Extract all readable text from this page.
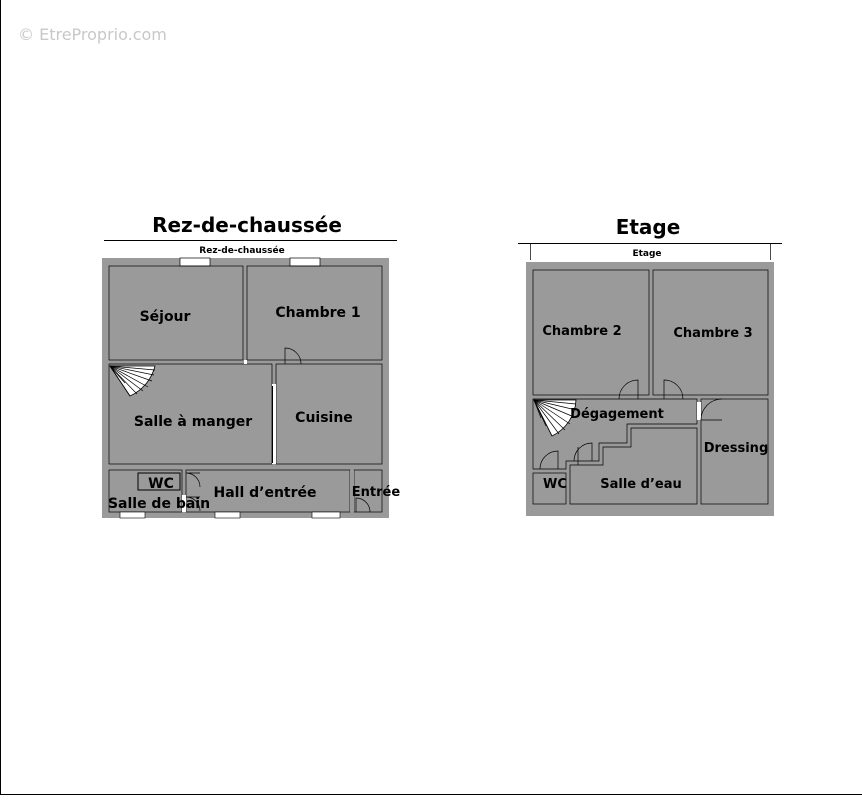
© EtreProprio.com
Rez-de-chaussée
Rez-de-chaussée
Séjour	Chambre 1
Salle à manger	Cuisine
WC
Salle de bain
Hall d’entrée	Entrée
Etage
Etage
Chambre 2	Chambre 3
Dégagement
Dressing
WC	Salle d’eau
